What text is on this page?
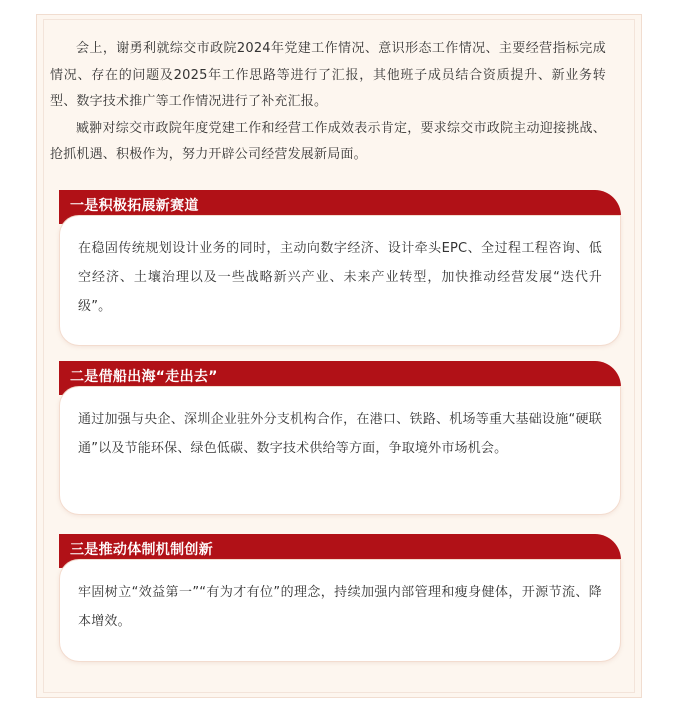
会上，谢勇利就综交市政院2024年党建工作情况、意识形态工作情况、主要经营指标完成情况、存在的问题及2025年工作思路等进行了汇报，其他班子成员结合资质提升、新业务转型、数字技术推广等工作情况进行了补充汇报。

臧翀对综交市政院年度党建工作和经营工作成效表示肯定，要求综交市政院主动迎接挑战、抢抓机遇、积极作为，努力开辟公司经营发展新局面。

一是积极拓展新赛道

在稳固传统规划设计业务的同时，主动向数字经济、设计牵头EPC、全过程工程咨询、低空经济、土壤治理以及一些战略新兴产业、未来产业转型，加快推动经营发展“迭代升级”。

二是借船出海“走出去”

通过加强与央企、深圳企业驻外分支机构合作，在港口、铁路、机场等重大基础设施“硬联通”以及节能环保、绿色低碳、数字技术供给等方面，争取境外市场机会。

三是推动体制机制创新

牢固树立“效益第一”“有为才有位”的理念，持续加强内部管理和瘦身健体，开源节流、降本增效。
